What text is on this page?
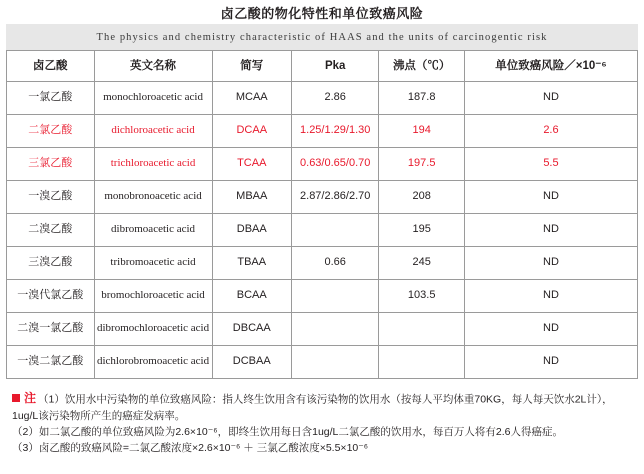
卤乙酸的物化特性和单位致癌风险
The physics and chemistry characteristic of HAAS and the units of carcinogentic risk
卤乙酸	英文名称	简写	Pka	沸点（℃）	单位致癌风险／×10⁻⁶
一氯乙酸	monochloroacetic acid	MCAA	2.86	187.8	ND
二氯乙酸	dichloroacetic acid	DCAA	1.25/1.29/1.30	194	2.6
三氯乙酸	trichloroacetic acid	TCAA	0.63/0.65/0.70	197.5	5.5
一溴乙酸	monobronoacetic acid	MBAA	2.87/2.86/2.70	208	ND
二溴乙酸	dibromoacetic acid	DBAA		195	ND
三溴乙酸	tribromoacetic acid	TBAA	0.66	245	ND
一溴代氯乙酸	bromochloroacetic acid	BCAA		103.5	ND
二溴一氯乙酸	dibromochloroacetic acid	DBCAA			ND
一溴二氯乙酸	dichlorobromoacetic acid	DCBAA			ND
注 （1）饮用水中污染物的单位致癌风险：指人终生饮用含有该污染物的饮用水（按每人平均体重70KG，每人每天饮水2L计），1ug/L该污染物所产生的癌症发病率。
（2）如二氯乙酸的单位致癌风险为2.6×10⁻⁶，即终生饮用每日含1ug/L二氯乙酸的饮用水，每百万人将有2.6人得癌症。
（3）卤乙酸的致癌风险=二氯乙酸浓度×2.6×10⁻⁶ ＋ 三氯乙酸浓度×5.5×10⁻⁶
